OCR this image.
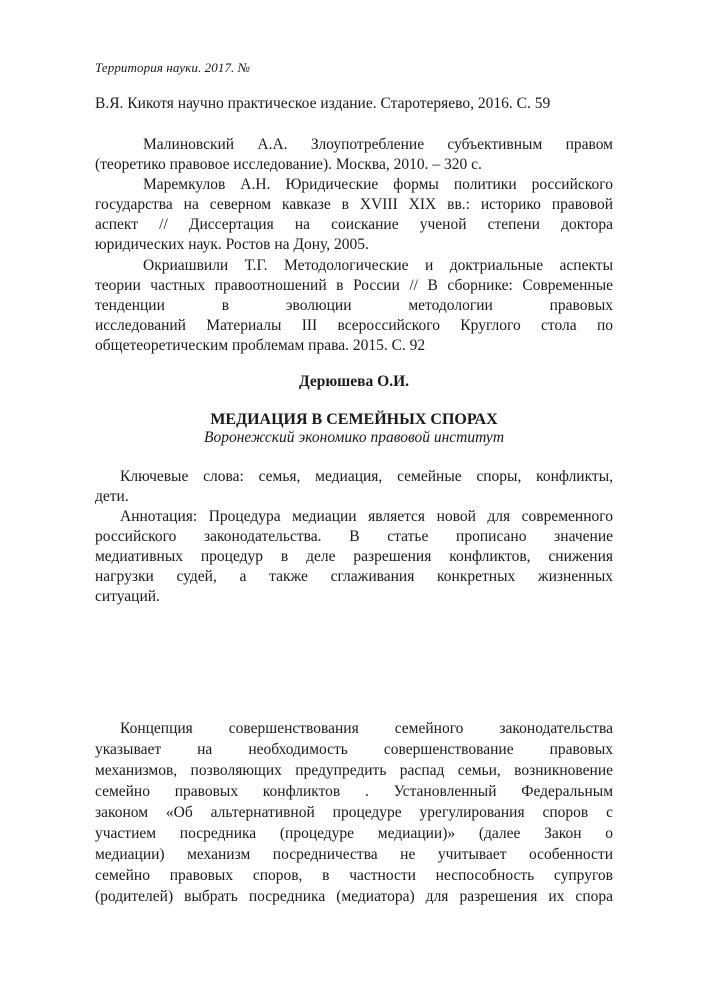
Территория науки. 2017. №
В.Я. Кикотя научно практическое издание. Старотеряево, 2016. С. 59
Малиновский А.А. Злоупотребление субъективным правом
(теоретико правовое исследование). Москва, 2010. – 320 с.
Маремкулов А.Н. Юридические формы политики российского
государства на северном кавказе в XVIII XIX вв.: историко правовой
аспект // Диссертация на соискание ученой степени доктора
юридических наук. Ростов на Дону, 2005.
Окриашвили Т.Г. Методологические и доктриальные аспекты
теории частных правоотношений в России // В сборнике: Современные
тенденции в эволюции методологии правовых
исследований Материалы III всероссийского Круглого стола по
общетеоретическим проблемам права. 2015. С. 92
Дерюшева О.И.
МЕДИАЦИЯ В СЕМЕЙНЫХ СПОРАХ
Воронежский экономико правовой институт
Ключевые слова: семья, медиация, семейные споры, конфликты,
дети.
Аннотация: Процедура медиации является новой для современного
российского законодательства. В статье прописано значение
медиативных процедур в деле разрешения конфликтов, снижения
нагрузки судей, а также сглаживания конкретных жизненных
ситуаций.
Концепция совершенствования семейного законодательства
указывает на необходимость совершенствование правовых
механизмов, позволяющих предупредить распад семьи, возникновение
семейно правовых конфликтов . Установленный Федеральным
законом «Об альтернативной процедуре урегулирования споров с
участием посредника (процедуре медиации)» (далее Закон о
медиации) механизм посредничества не учитывает особенности
семейно правовых споров, в частности неспособность супругов
(родителей) выбрать посредника (медиатора) для разрешения их спора
